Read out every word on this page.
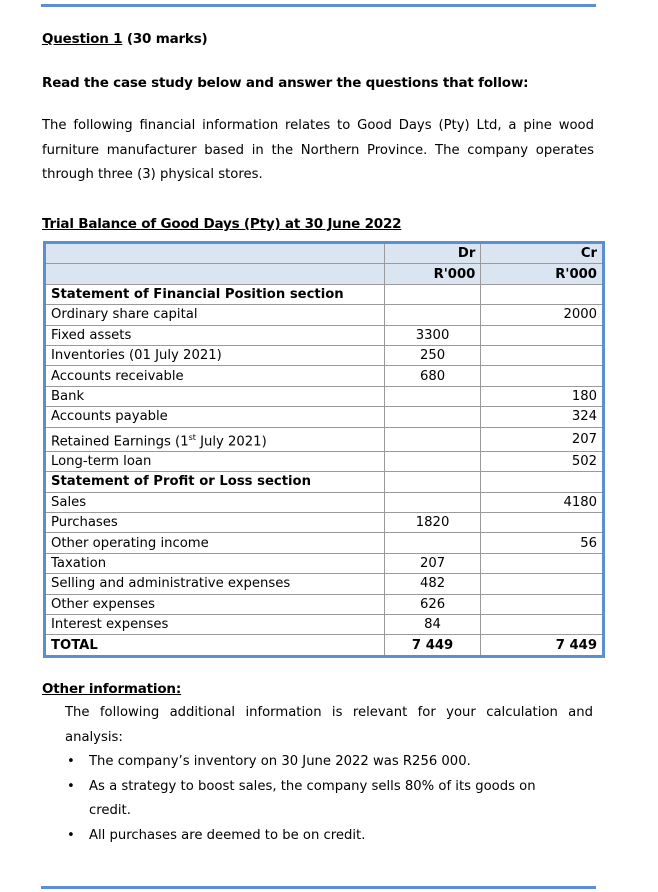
Question 1 (30 marks)
Read the case study below and answer the questions that follow:
The following financial information relates to Good Days (Pty) Ltd, a pine wood furniture manufacturer based in the Northern Province. The company operates through three (3) physical stores.
Trial Balance of Good Days (Pty) at 30 June 2022
	Dr	Cr
	R'000	R'000
Statement of Financial Position section		
Ordinary share capital		2000
Fixed assets	3300	
Inventories (01 July 2021)	250	
Accounts receivable	680	
Bank		180
Accounts payable		324
Retained Earnings (1st July 2021)		207
Long-term loan		502
Statement of Profit or Loss section		
Sales		4180
Purchases	1820	
Other operating income		56
Taxation	207	
Selling and administrative expenses	482	
Other expenses	626	
Interest expenses	84	
TOTAL	7 449	7 449
Other information:
The following additional information is relevant for your calculation and analysis:
• The company’s inventory on 30 June 2022 was R256 000.
• As a strategy to boost sales, the company sells 80% of its goods on credit.
• All purchases are deemed to be on credit.
